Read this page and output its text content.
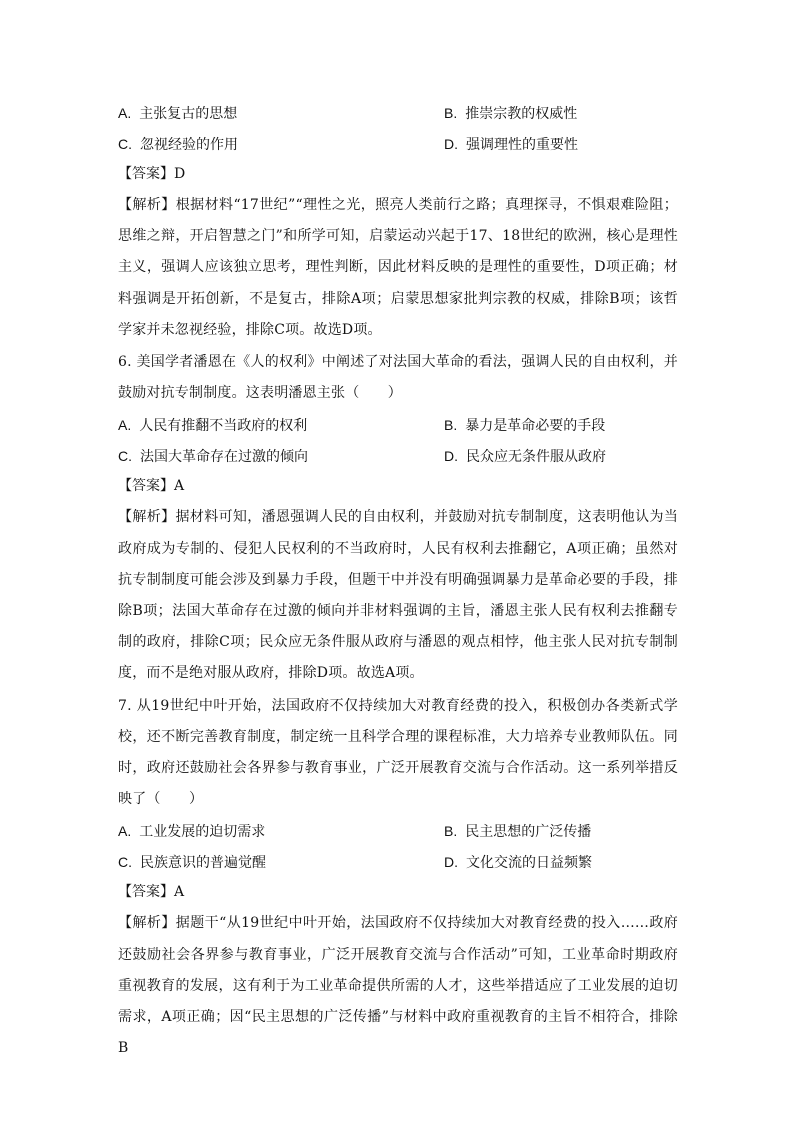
A. 主张复古的思想	B. 推崇宗教的权威性
C. 忽视经验的作用	D. 强调理性的重要性
【答案】D

【解析】根据材料“17世纪”“理性之光，照亮人类前行之路；真理探寻，不惧艰难险阻；思维之辩，开启智慧之门”和所学可知，启蒙运动兴起于17、18世纪的欧洲，核心是理性主义，强调人应该独立思考，理性判断，因此材料反映的是理性的重要性，D项正确；材料强调是开拓创新，不是复古，排除A项；启蒙思想家批判宗教的权威，排除B项；该哲学家并未忽视经验，排除C项。故选D项。

6. 美国学者潘恩在《人的权利》中阐述了对法国大革命的看法，强调人民的自由权利，并鼓励对抗专制制度。这表明潘恩主张（　　）

A. 人民有推翻不当政府的权利	B. 暴力是革命必要的手段
C. 法国大革命存在过激的倾向	D. 民众应无条件服从政府
【答案】A

【解析】据材料可知，潘恩强调人民的自由权利，并鼓励对抗专制制度，这表明他认为当政府成为专制的、侵犯人民权利的不当政府时，人民有权利去推翻它，A项正确；虽然对抗专制制度可能会涉及到暴力手段，但题干中并没有明确强调暴力是革命必要的手段，排除B项；法国大革命存在过激的倾向并非材料强调的主旨，潘恩主张人民有权利去推翻专制的政府，排除C项；民众应无条件服从政府与潘恩的观点相悖，他主张人民对抗专制制度，而不是绝对服从政府，排除D项。故选A项。

7. 从19世纪中叶开始，法国政府不仅持续加大对教育经费的投入，积极创办各类新式学校，还不断完善教育制度，制定统一且科学合理的课程标准，大力培养专业教师队伍。同时，政府还鼓励社会各界参与教育事业，广泛开展教育交流与合作活动。这一系列举措反映了（　　）

A. 工业发展的迫切需求	B. 民主思想的广泛传播
C. 民族意识的普遍觉醒	D. 文化交流的日益频繁
【答案】A

【解析】据题干“从19世纪中叶开始，法国政府不仅持续加大对教育经费的投入……政府还鼓励社会各界参与教育事业，广泛开展教育交流与合作活动”可知，工业革命时期政府重视教育的发展，这有利于为工业革命提供所需的人才，这些举措适应了工业发展的迫切需求，A项正确；因“民主思想的广泛传播”与材料中政府重视教育的主旨不相符合，排除B
